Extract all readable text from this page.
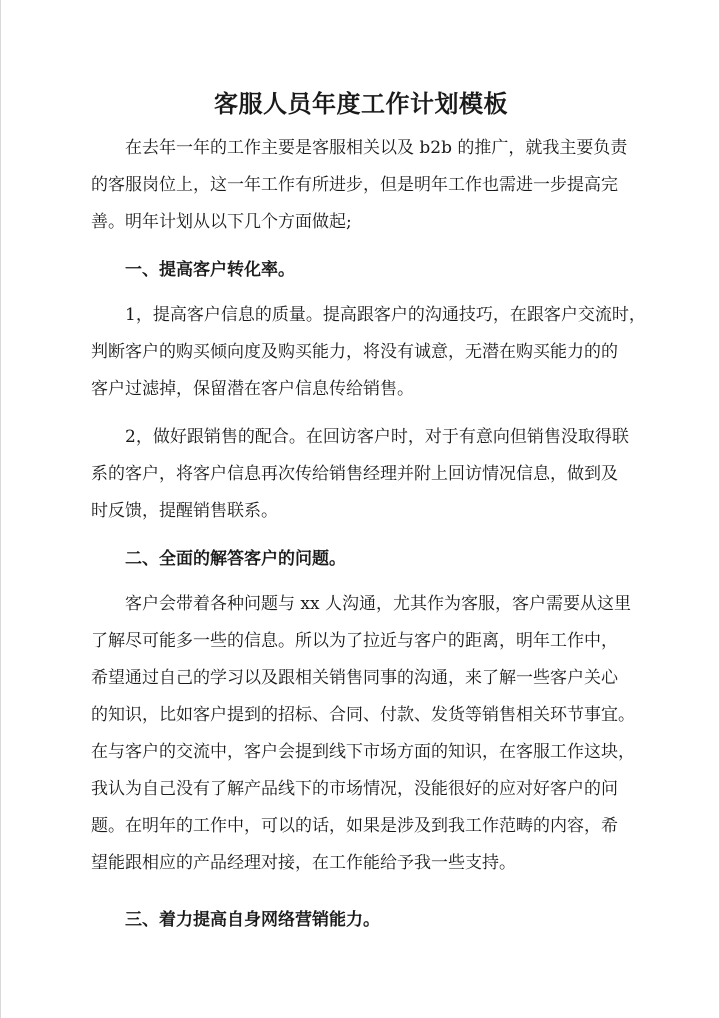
客服人员年度工作计划模板
在去年一年的工作主要是客服相关以及 b2b 的推广，就我主要负责
的客服岗位上，这一年工作有所进步，但是明年工作也需进一步提高完
善。明年计划从以下几个方面做起;
一、提高客户转化率。
1，提高客户信息的质量。提高跟客户的沟通技巧，在跟客户交流时，
判断客户的购买倾向度及购买能力，将没有诚意，无潜在购买能力的的
客户过滤掉，保留潜在客户信息传给销售。
2，做好跟销售的配合。在回访客户时，对于有意向但销售没取得联
系的客户，将客户信息再次传给销售经理并附上回访情况信息，做到及
时反馈，提醒销售联系。
二、全面的解答客户的问题。
客户会带着各种问题与 xx 人沟通，尤其作为客服，客户需要从这里
了解尽可能多一些的信息。所以为了拉近与客户的距离，明年工作中，
希望通过自己的学习以及跟相关销售同事的沟通，来了解一些客户关心
的知识，比如客户提到的招标、合同、付款、发货等销售相关环节事宜。
在与客户的交流中，客户会提到线下市场方面的知识，在客服工作这块，
我认为自己没有了解产品线下的市场情况，没能很好的应对好客户的问
题。在明年的工作中，可以的话，如果是涉及到我工作范畴的内容，希
望能跟相应的产品经理对接，在工作能给予我一些支持。
三、着力提高自身网络营销能力。
